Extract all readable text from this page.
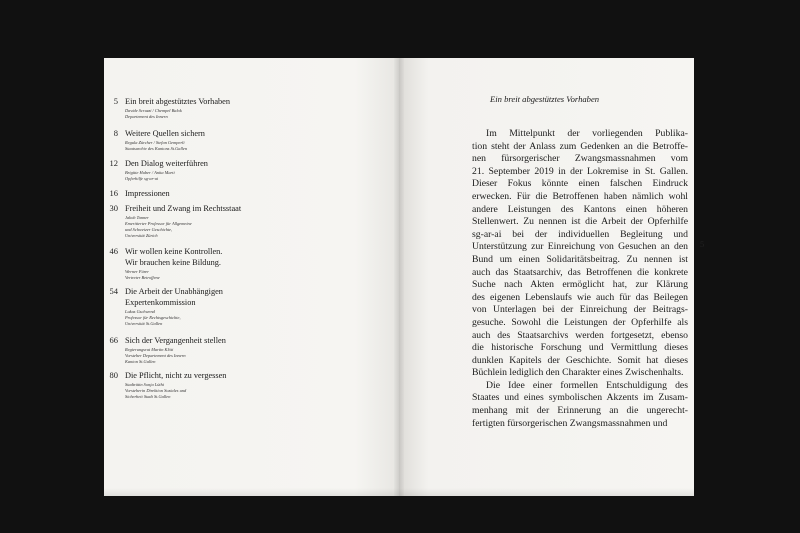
5 Ein breit abgestütztes Vorhaben
Davide Scruzzi / Chempel Balok
Departement des Innern
8 Weitere Quellen sichern
Regula Zürcher / Stefan Gemperli
Staatsarchiv des Kantons St.Gallen
12 Den Dialog weiterführen
Brigitte Huber / Anita Marti
Opferhilfe sg-ar-ai
16 Impressionen
30 Freiheit und Zwang im Rechtsstaat
Jakob Tanner
Emeritierter Professor für Allgemeine
und Schweizer Geschichte,
Universität Zürich
46 Wir wollen keine Kontrollen.
Wir brauchen keine Bildung.
Werner Fürer
Vertreter Betroffene
54 Die Arbeit der Unabhängigen
Expertenkommission
Lukas Gschwend
Professor für Rechtsgeschichte,
Universität St.Gallen
66 Sich der Vergangenheit stellen
Regierungsrat Martin Klöti
Vorsteher Departement des Innern
Kanton St.Gallen
80 Die Pflicht, nicht zu vergessen
Stadträtin Sonja Lüthi
Vorsteherin Direktion Soziales und
Sicherheit Stadt St.Gallen
Ein breit abgestütztes Vorhaben
Im Mittelpunkt der vorliegenden Publika-
tion steht der Anlass zum Gedenken an die Betroffe-
nen fürsorgerischer Zwangsmassnahmen vom
21. September 2019 in der Lokremise in St. Gallen.
Dieser Fokus könnte einen falschen Eindruck
erwecken. Für die Betroffenen haben nämlich wohl
andere Leistungen des Kantons einen höheren
Stellenwert. Zu nennen ist die Arbeit der Opferhilfe
sg-ar-ai bei der individuellen Begleitung und
Unterstützung zur Einreichung von Gesuchen an den
Bund um einen Solidaritätsbeitrag. Zu nennen ist
auch das Staatsarchiv, das Betroffenen die konkrete
Suche nach Akten ermöglicht hat, zur Klärung
des eigenen Lebenslaufs wie auch für das Beilegen
von Unterlagen bei der Einreichung der Beitrags-
gesuche. Sowohl die Leistungen der Opferhilfe als
auch des Staatsarchivs werden fortgesetzt, ebenso
die historische Forschung und Vermittlung dieses
dunklen Kapitels der Geschichte. Somit hat dieses
Büchlein lediglich den Charakter eines Zwischenhalts.
Die Idee einer formellen Entschuldigung des
Staates und eines symbolischen Akzents im Zusam-
menhang mit der Erinnerung an die ungerecht-
fertigten fürsorgerischen Zwangsmassnahmen und
5
